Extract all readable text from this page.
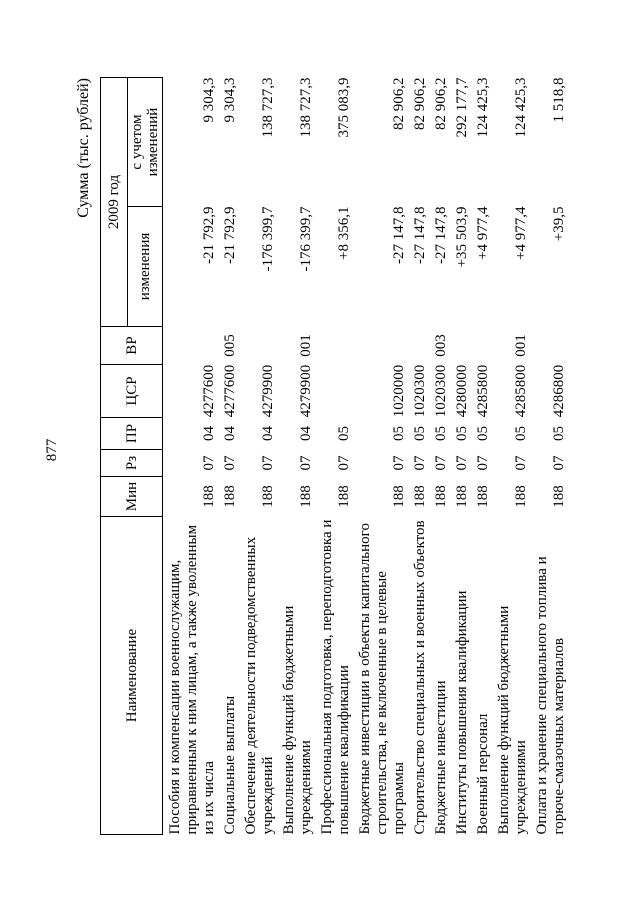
877
Сумма (тыс. рублей)
Наименование	Мин	Рз	ПР	ЦСР	ВР	2009 год	
						изменения	с учетом изменений
Пособия и компенсации военнослужащим, приравненным к ним лицам, а также уволенным из их числа	188	07	04	4277600		-21 792,9	9 304,3
Социальные выплаты	188	07	04	4277600	005	-21 792,9	9 304,3
Обеспечение деятельности подведомственных учреждений	188	07	04	4279900		-176 399,7	138 727,3
Выполнение функций бюджетными учреждениями	188	07	04	4279900	001	-176 399,7	138 727,3
Профессиональная подготовка, переподготовка и повышение квалификации	188	07	05			+8 356,1	375 083,9
Бюджетные инвестиции в объекты капитального строительства, не включенные в целевые программы	188	07	05	1020000		-27 147,8	82 906,2
Строительство специальных и военных объектов	188	07	05	1020300		-27 147,8	82 906,2
Бюджетные инвестиции	188	07	05	1020300	003	-27 147,8	82 906,2
Институты повышения квалификации	188	07	05	4280000		+35 503,9	292 177,7
Военный персонал	188	07	05	4285800		+4 977,4	124 425,3
Выполнение функций бюджетными учреждениями	188	07	05	4285800	001	+4 977,4	124 425,3
Оплата и хранение специального топлива и горюче-смазочных материалов	188	07	05	4286800		+39,5	1 518,8
